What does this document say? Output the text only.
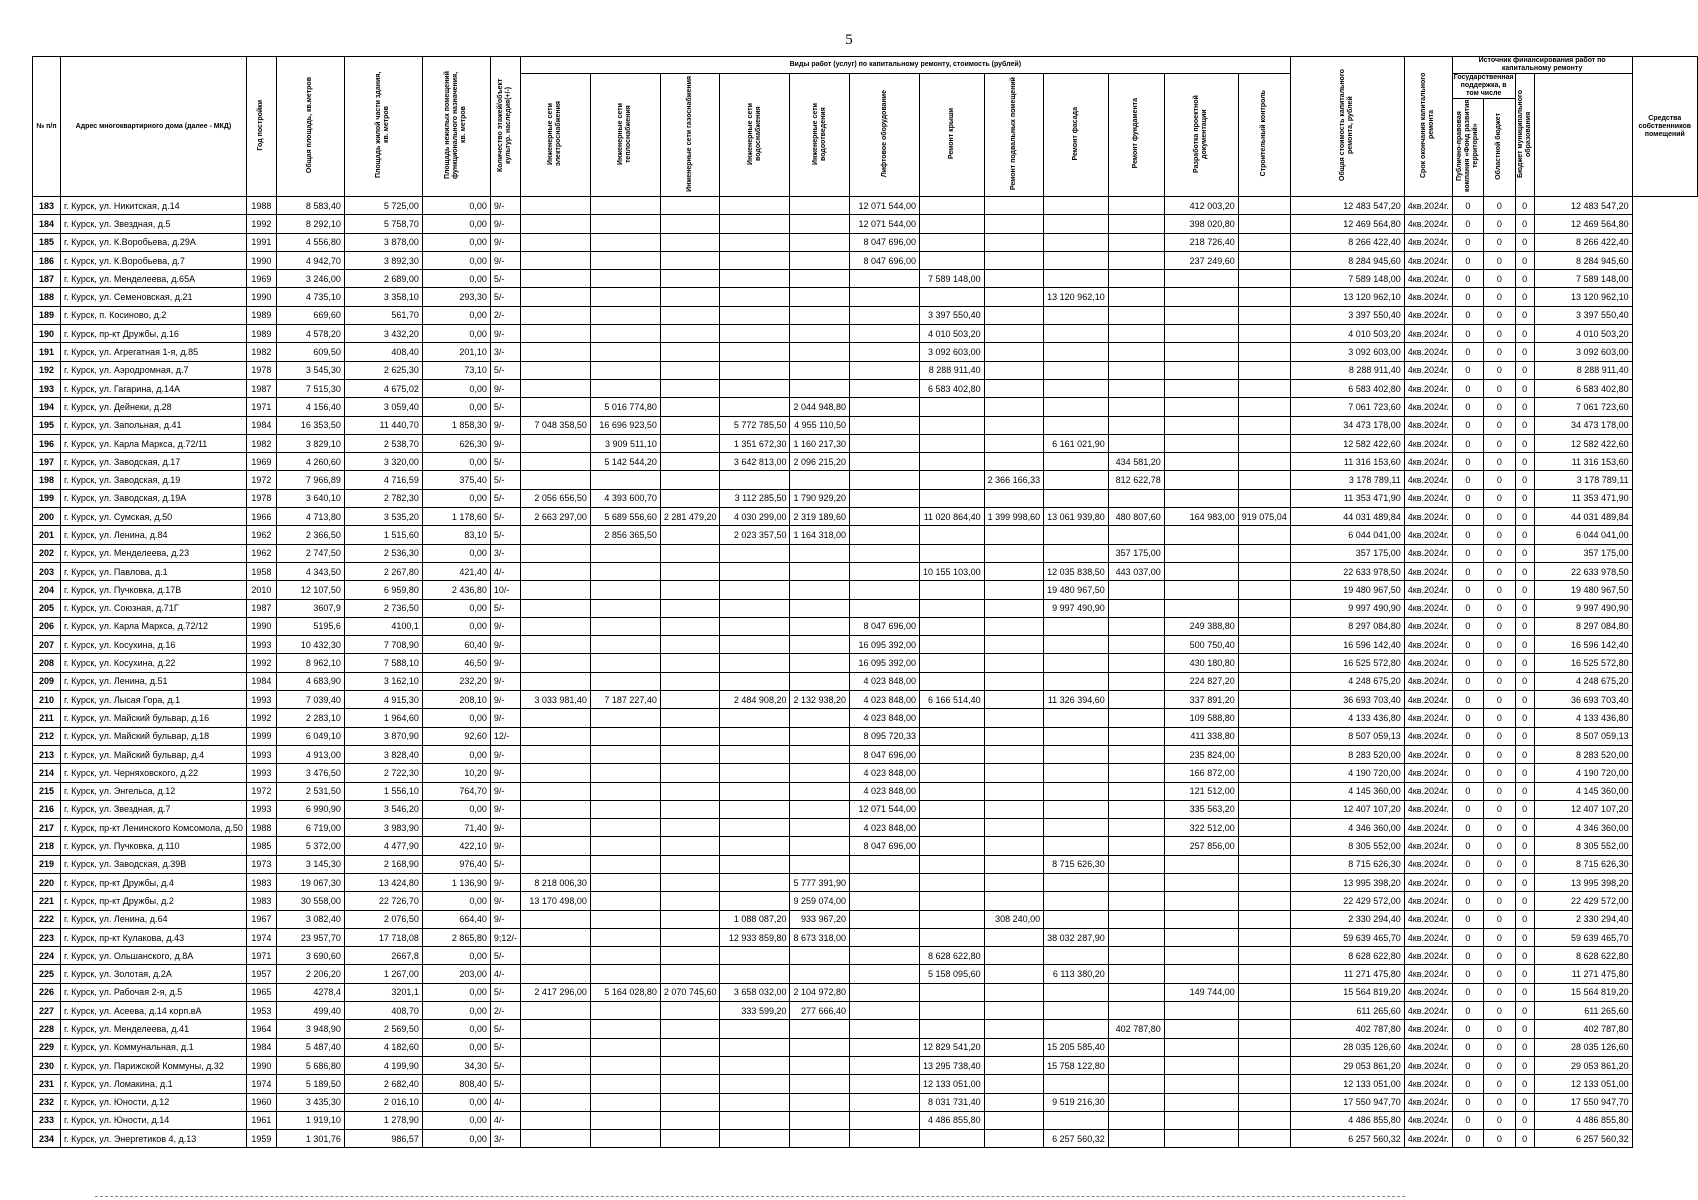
5
№ п/п	Адрес многоквартирного дома (далее - МКД)	Год постройки	Общая площадь, кв.метров	Площадь жилой части здания, кв. метров	Площадь нежилых помещений функционального назначения, кв. метров	Количество этажей/объект культур. наследия(+/-)	Виды работ (услуг) по капитальному ремонту, стоимость (рублей)												Общая стоимость капитального ремонта, рублей	Срок окончания капитального ремонта	Источник финансирования работ по капитальному ремонту				Средства собственников помещений
							Инженерные сети электроснабжения	Инженерные сети теплоснабжения	Инженерные сети газоснабжения	Инженерные сети водоснабжения	Инженерные сети водоотведения	Лифтовое оборудование	Ремонт крыши	Ремонт подвальных помещений	Ремонт фасада	Ремонт фундамента	Разработка проектной документации	Строительный контроль			Государственная поддержка, в том числе		Бюджет муниципального образования		
																					Публично-правовая компания «Фонд развития территорий»	Областной бюджет			
183	г. Курск, ул. Никитская, д.14	1988	8 583,40	5 725,00	0,00	9/-						12 071 544,00					412 003,20		12 483 547,20	4кв.2024г.	0	0	0	12 483 547,20	
184	г. Курск, ул. Звездная, д.5	1992	8 292,10	5 758,70	0,00	9/-						12 071 544,00					398 020,80		12 469 564,80	4кв.2024г.	0	0	0	12 469 564,80	
185	г. Курск, ул. К.Воробьева, д.29А	1991	4 556,80	3 878,00	0,00	9/-						8 047 696,00					218 726,40		8 266 422,40	4кв.2024г.	0	0	0	8 266 422,40	
186	г. Курск, ул. К.Воробьева, д.7	1990	4 942,70	3 892,30	0,00	9/-						8 047 696,00					237 249,60		8 284 945,60	4кв.2024г.	0	0	0	8 284 945,60	
187	г. Курск, ул. Менделеева, д.65А	1969	3 246,00	2 689,00	0,00	5/-							7 589 148,00						7 589 148,00	4кв.2024г.	0	0	0	7 589 148,00	
188	г. Курск, ул. Семеновская, д.21	1990	4 735,10	3 358,10	293,30	5/-									13 120 962,10				13 120 962,10	4кв.2024г.	0	0	0	13 120 962,10	
189	г. Курск, п. Косиново, д.2	1989	669,60	561,70	0,00	2/-							3 397 550,40						3 397 550,40	4кв.2024г.	0	0	0	3 397 550,40	
190	г. Курск, пр-кт Дружбы, д.16	1989	4 578,20	3 432,20	0,00	9/-							4 010 503,20						4 010 503,20	4кв.2024г.	0	0	0	4 010 503,20	
191	г. Курск, ул. Агрегатная 1-я, д.85	1982	609,50	408,40	201,10	3/-							3 092 603,00						3 092 603,00	4кв.2024г.	0	0	0	3 092 603,00	
192	г. Курск, ул. Аэродромная, д.7	1978	3 545,30	2 625,30	73,10	5/-							8 288 911,40						8 288 911,40	4кв.2024г.	0	0	0	8 288 911,40	
193	г. Курск, ул. Гагарина, д.14А	1987	7 515,30	4 675,02	0,00	9/-							6 583 402,80						6 583 402,80	4кв.2024г.	0	0	0	6 583 402,80	
194	г. Курск, ул. Дейнеки, д.28	1971	4 156,40	3 059,40	0,00	5/-		5 016 774,80			2 044 948,80								7 061 723,60	4кв.2024г.	0	0	0	7 061 723,60	
195	г. Курск, ул. Запольная, д.41	1984	16 353,50	11 440,70	1 858,30	9/-	7 048 358,50	16 696 923,50		5 772 785,50	4 955 110,50								34 473 178,00	4кв.2024г.	0	0	0	34 473 178,00	
196	г. Курск, ул. Карла Маркса, д.72/11	1982	3 829,10	2 538,70	626,30	9/-		3 909 511,10		1 351 672,30	1 160 217,30				6 161 021,90				12 582 422,60	4кв.2024г.	0	0	0	12 582 422,60	
197	г. Курск, ул. Заводская, д.17	1969	4 260,60	3 320,00	0,00	5/-		5 142 544,20		3 642 813,00	2 096 215,20					434 581,20			11 316 153,60	4кв.2024г.	0	0	0	11 316 153,60	
198	г. Курск, ул. Заводская, д.19	1972	7 966,89	4 716,59	375,40	5/-								2 366 166,33		812 622,78			3 178 789,11	4кв.2024г.	0	0	0	3 178 789,11	
199	г. Курск, ул. Заводская, д.19А	1978	3 640,10	2 782,30	0,00	5/-	2 056 656,50	4 393 600,70		3 112 285,50	1 790 929,20								11 353 471,90	4кв.2024г.	0	0	0	11 353 471,90	
200	г. Курск, ул. Сумская, д.50	1966	4 713,80	3 535,20	1 178,60	5/-	2 663 297,00	5 689 556,60	2 281 479,20	4 030 299,00	2 319 189,60		11 020 864,40	1 399 998,60	13 061 939,80	480 807,60	164 983,00	919 075,04	44 031 489,84	4кв.2024г.	0	0	0	44 031 489,84	
201	г. Курск, ул. Ленина, д.84	1962	2 366,50	1 515,60	83,10	5/-		2 856 365,50		2 023 357,50	1 164 318,00								6 044 041,00	4кв.2024г.	0	0	0	6 044 041,00	
202	г. Курск, ул. Менделеева, д.23	1962	2 747,50	2 536,30	0,00	3/-										357 175,00			357 175,00	4кв.2024г.	0	0	0	357 175,00	
203	г. Курск, ул. Павлова, д.1	1958	4 343,50	2 267,80	421,40	4/-							10 155 103,00		12 035 838,50	443 037,00			22 633 978,50	4кв.2024г.	0	0	0	22 633 978,50	
204	г. Курск, ул. Пучковка, д.17В	2010	12 107,50	6 959,80	2 436,80	10/-									19 480 967,50				19 480 967,50	4кв.2024г.	0	0	0	19 480 967,50	
205	г. Курск, ул. Союзная, д.71Г	1987	3607,9	2 736,50	0,00	5/-									9 997 490,90				9 997 490,90	4кв.2024г.	0	0	0	9 997 490,90	
206	г. Курск, ул. Карла Маркса, д.72/12	1990	5195,6	4100,1	0,00	9/-						8 047 696,00					249 388,80		8 297 084,80	4кв.2024г.	0	0	0	8 297 084,80	
207	г. Курск, ул. Косухина, д.16	1993	10 432,30	7 708,90	60,40	9/-						16 095 392,00					500 750,40		16 596 142,40	4кв.2024г.	0	0	0	16 596 142,40	
208	г. Курск, ул. Косухина, д.22	1992	8 962,10	7 588,10	46,50	9/-						16 095 392,00					430 180,80		16 525 572,80	4кв.2024г.	0	0	0	16 525 572,80	
209	г. Курск, ул. Ленина, д.51	1984	4 683,90	3 162,10	232,20	9/-						4 023 848,00					224 827,20		4 248 675,20	4кв.2024г.	0	0	0	4 248 675,20	
210	г. Курск, ул. Лысая Гора, д.1	1993	7 039,40	4 915,30	208,10	9/-	3 033 981,40	7 187 227,40		2 484 908,20	2 132 938,20	4 023 848,00	6 166 514,40		11 326 394,60		337 891,20		36 693 703,40	4кв.2024г.	0	0	0	36 693 703,40	
211	г. Курск, ул. Майский бульвар, д.16	1992	2 283,10	1 964,60	0,00	9/-						4 023 848,00					109 588,80		4 133 436,80	4кв.2024г.	0	0	0	4 133 436,80	
212	г. Курск, ул. Майский бульвар, д.18	1999	6 049,10	3 870,90	92,60	12/-						8 095 720,33					411 338,80		8 507 059,13	4кв.2024г.	0	0	0	8 507 059,13	
213	г. Курск, ул. Майский бульвар, д.4	1993	4 913,00	3 828,40	0,00	9/-						8 047 696,00					235 824,00		8 283 520,00	4кв.2024г.	0	0	0	8 283 520,00	
214	г. Курск, ул. Черняховского, д.22	1993	3 476,50	2 722,30	10,20	9/-						4 023 848,00					166 872,00		4 190 720,00	4кв.2024г.	0	0	0	4 190 720,00	
215	г. Курск, ул. Энгельса, д.12	1972	2 531,50	1 556,10	764,70	9/-						4 023 848,00					121 512,00		4 145 360,00	4кв.2024г.	0	0	0	4 145 360,00	
216	г. Курск, ул. Звездная, д.7	1993	6 990,90	3 546,20	0,00	9/-						12 071 544,00					335 563,20		12 407 107,20	4кв.2024г.	0	0	0	12 407 107,20	
217	г. Курск, пр-кт Ленинского Комсомола, д.50	1988	6 719,00	3 983,90	71,40	9/-						4 023 848,00					322 512,00		4 346 360,00	4кв.2024г.	0	0	0	4 346 360,00	
218	г. Курск, ул. Пучковка, д.110	1985	5 372,00	4 477,90	422,10	9/-						8 047 696,00					257 856,00		8 305 552,00	4кв.2024г.	0	0	0	8 305 552,00	
219	г. Курск, ул. Заводская, д.39В	1973	3 145,30	2 168,90	976,40	5/-									8 715 626,30				8 715 626,30	4кв.2024г.	0	0	0	8 715 626,30	
220	г. Курск, пр-кт Дружбы, д.4	1983	19 067,30	13 424,80	1 136,90	9/-	8 218 006,30				5 777 391,90								13 995 398,20	4кв.2024г.	0	0	0	13 995 398,20	
221	г. Курск, пр-кт Дружбы, д.2	1983	30 558,00	22 726,70	0,00	9/-	13 170 498,00				9 259 074,00								22 429 572,00	4кв.2024г.	0	0	0	22 429 572,00	
222	г. Курск, ул. Ленина, д.64	1967	3 082,40	2 076,50	664,40	9/-				1 088 087,20	933 967,20			308 240,00					2 330 294,40	4кв.2024г.	0	0	0	2 330 294,40	
223	г. Курск, пр-кт Кулакова, д.43	1974	23 957,70	17 718,08	2 865,80	9;12/-				12 933 859,80	8 673 318,00				38 032 287,90				59 639 465,70	4кв.2024г.	0	0	0	59 639 465,70	
224	г. Курск, ул. Ольшанского, д.8А	1971	3 690,60	2667,8	0,00	5/-							8 628 622,80						8 628 622,80	4кв.2024г.	0	0	0	8 628 622,80	
225	г. Курск, ул. Золотая, д.2А	1957	2 206,20	1 267,00	203,00	4/-							5 158 095,60		6 113 380,20				11 271 475,80	4кв.2024г.	0	0	0	11 271 475,80	
226	г. Курск, ул. Рабочая 2-я, д.5	1965	4278,4	3201,1	0,00	5/-	2 417 296,00	5 164 028,80	2 070 745,60	3 658 032,00	2 104 972,80						149 744,00		15 564 819,20	4кв.2024г.	0	0	0	15 564 819,20	
227	г. Курск, ул. Асеева, д.14 корп.вА	1953	499,40	408,70	0,00	2/-				333 599,20	277 666,40								611 265,60	4кв.2024г.	0	0	0	611 265,60	
228	г. Курск, ул. Менделеева, д.41	1964	3 948,90	2 569,50	0,00	5/-										402 787,80			402 787,80	4кв.2024г.	0	0	0	402 787,80	
229	г. Курск, ул. Коммунальная, д.1	1984	5 487,40	4 182,60	0,00	5/-							12 829 541,20		15 205 585,40				28 035 126,60	4кв.2024г.	0	0	0	28 035 126,60	
230	г. Курск, ул. Парижской Коммуны, д.32	1990	5 686,80	4 199,90	34,30	5/-							13 295 738,40		15 758 122,80				29 053 861,20	4кв.2024г.	0	0	0	29 053 861,20	
231	г. Курск, ул. Ломакина, д.1	1974	5 189,50	2 682,40	808,40	5/-							12 133 051,00						12 133 051,00	4кв.2024г.	0	0	0	12 133 051,00	
232	г. Курск, ул. Юности, д.12	1960	3 435,30	2 016,10	0,00	4/-							8 031 731,40		9 519 216,30				17 550 947,70	4кв.2024г.	0	0	0	17 550 947,70	
233	г. Курск, ул. Юности, д.14	1961	1 919,10	1 278,90	0,00	4/-							4 486 855,80						4 486 855,80	4кв.2024г.	0	0	0	4 486 855,80	
234	г. Курск, ул. Энергетиков 4, д.13	1959	1 301,76	986,57	0,00	3/-									6 257 560,32				6 257 560,32	4кв.2024г.	0	0	0	6 257 560,32	
